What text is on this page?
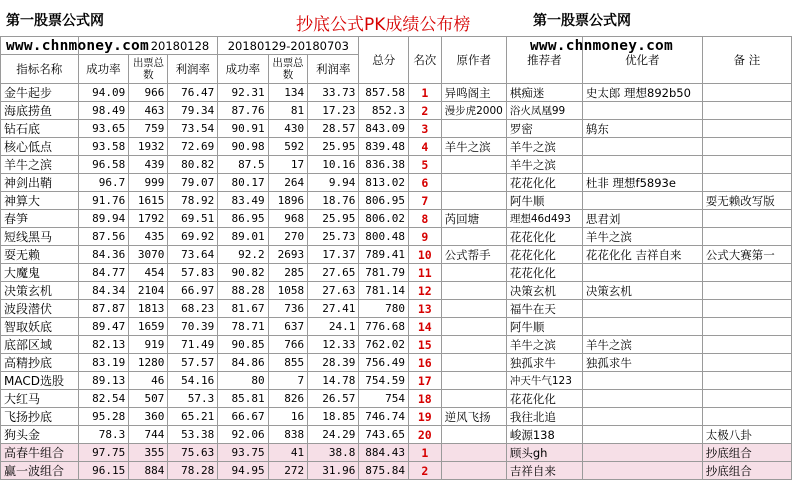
第一股票公式网	抄底公式PK成绩公布榜	第一股票公式网
www.chnmoney.com	www.chnmoney.com
	20180128			20180129-20180703			总分	名次	原作者	推荐者	优化者	备 注
指标名称	成功率	出票总数	利润率	成功率	出票总数	利润率						
金牛起步	94.09	966	76.47	92.31	134	33.73	857.58	1	异鸣阁主	棋痴迷	史太郎 理想892b50	
海底捞鱼	98.49	463	79.34	87.76	81	17.23	852.3	2	漫步虎2000	浴火凤凰99		
钻石底	93.65	759	73.54	90.91	430	28.57	843.09	3		罗密	鸫东	
核心低点	93.58	1932	72.69	90.98	592	25.95	839.48	4	羊牛之滨	羊牛之滨		
羊牛之滨	96.58	439	80.82	87.5	17	10.16	836.38	5		羊牛之滨		
神剑出鞘	96.7	999	79.07	80.17	264	9.94	813.02	6		花花化化	杜非 理想f5893e	
神算大	91.76	1615	78.92	83.49	1896	18.76	806.95	7		阿牛顺		耍无赖改写版
春笋	89.94	1792	69.51	86.95	968	25.95	806.02	8	芮回塘	理想46d493	思君刘	
短线黑马	87.56	435	69.92	89.01	270	25.73	800.48	9		花花化化	羊牛之滨	
耍无赖	84.36	3070	73.64	92.2	2693	17.37	789.41	10	公式帮手	花花化化	花花化化 吉祥自来	公式大赛第一
大魔鬼	84.77	454	57.83	90.82	285	27.65	781.79	11		花花化化		
决策玄机	84.34	2104	66.97	88.28	1058	27.63	781.14	12		决策玄机	决策玄机	
波段潜伏	87.87	1813	68.23	81.67	736	27.41	780	13		福牛在天		
智取妖底	89.47	1659	70.39	78.71	637	24.1	776.68	14		阿牛顺		
底部区域	82.13	919	71.49	90.85	766	12.33	762.02	15		羊牛之滨	羊牛之滨	
高精抄底	83.19	1280	57.57	84.86	855	28.39	756.49	16		独孤求牛	独孤求牛	
MACD选股	89.13	46	54.16	80	7	14.78	754.59	17		冲天牛气123		
大红马	82.54	507	57.3	85.81	826	26.57	754	18		花花化化		
飞扬抄底	95.28	360	65.21	66.67	16	18.85	746.74	19	逆风飞扬	我往北追		
狗头金	78.3	744	53.38	92.06	838	24.29	743.65	20		峻源138		太极八卦
高春牛组合	97.75	355	75.63	93.75	41	38.8	884.43	1		顾头gh		抄底组合
赢一波组合	96.15	884	78.28	94.95	272	31.96	875.84	2		吉祥自来		抄底组合
